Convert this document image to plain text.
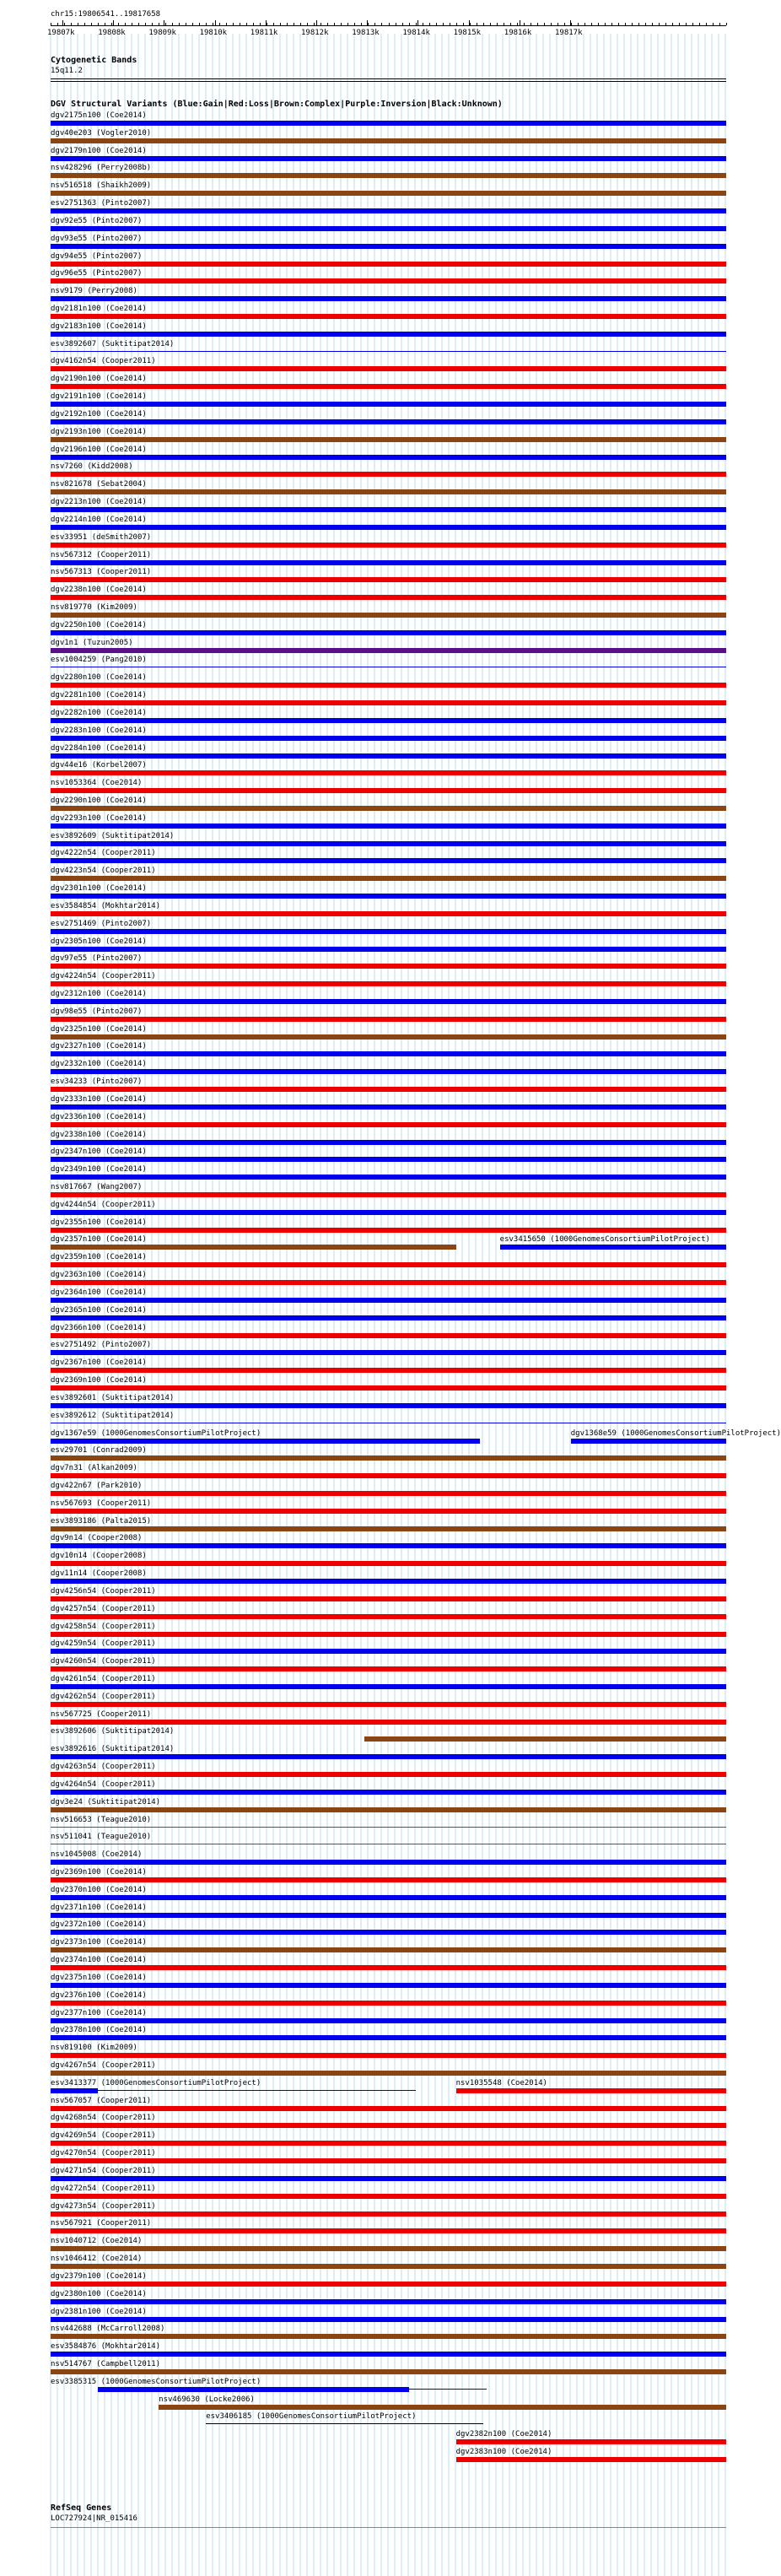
chr15:19806541..19817658
19807k	19808k	19809k	19810k	19811k	19812k	19813k	19814k	19815k	19816k	19817k
Cytogenetic Bands
15q11.2
DGV Structural Variants (Blue:Gain|Red:Loss|Brown:Complex|Purple:Inversion|Black:Unknown)
dgv2175n100 (Coe2014)
dgv40e203 (Vogler2010)
dgv2179n100 (Coe2014)
nsv428296 (Perry2008b)
nsv516518 (Shaikh2009)
esv2751363 (Pinto2007)
dgv92e55 (Pinto2007)
dgv93e55 (Pinto2007)
dgv94e55 (Pinto2007)
dgv96e55 (Pinto2007)
nsv9179 (Perry2008)
dgv2181n100 (Coe2014)
dgv2183n100 (Coe2014)
esv3892607 (Suktitipat2014)
dgv4162n54 (Cooper2011)
dgv2190n100 (Coe2014)
dgv2191n100 (Coe2014)
dgv2192n100 (Coe2014)
dgv2193n100 (Coe2014)
dgv2196n100 (Coe2014)
nsv7260 (Kidd2008)
nsv821678 (Sebat2004)
dgv2213n100 (Coe2014)
dgv2214n100 (Coe2014)
esv33951 (deSmith2007)
nsv567312 (Cooper2011)
nsv567313 (Cooper2011)
dgv2238n100 (Coe2014)
nsv819770 (Kim2009)
dgv2250n100 (Coe2014)
dgv1n1 (Tuzun2005)
esv1004259 (Pang2010)
dgv2280n100 (Coe2014)
dgv2281n100 (Coe2014)
dgv2282n100 (Coe2014)
dgv2283n100 (Coe2014)
dgv2284n100 (Coe2014)
dgv44e16 (Korbel2007)
nsv1053364 (Coe2014)
dgv2290n100 (Coe2014)
dgv2293n100 (Coe2014)
esv3892609 (Suktitipat2014)
dgv4222n54 (Cooper2011)
dgv4223n54 (Cooper2011)
dgv2301n100 (Coe2014)
esv3584854 (Mokhtar2014)
esv2751469 (Pinto2007)
dgv2305n100 (Coe2014)
dgv97e55 (Pinto2007)
dgv4224n54 (Cooper2011)
dgv2312n100 (Coe2014)
dgv98e55 (Pinto2007)
dgv2325n100 (Coe2014)
dgv2327n100 (Coe2014)
dgv2332n100 (Coe2014)
esv34233 (Pinto2007)
dgv2333n100 (Coe2014)
dgv2336n100 (Coe2014)
dgv2338n100 (Coe2014)
dgv2347n100 (Coe2014)
dgv2349n100 (Coe2014)
nsv817667 (Wang2007)
dgv4244n54 (Cooper2011)
dgv2355n100 (Coe2014)
dgv2357n100 (Coe2014)	esv3415650 (1000GenomesConsortiumPilotProject)
dgv2359n100 (Coe2014)
dgv2363n100 (Coe2014)
dgv2364n100 (Coe2014)
dgv2365n100 (Coe2014)
dgv2366n100 (Coe2014)
esv2751492 (Pinto2007)
dgv2367n100 (Coe2014)
dgv2369n100 (Coe2014)
esv3892601 (Suktitipat2014)
esv3892612 (Suktitipat2014)
dgv1367e59 (1000GenomesConsortiumPilotProject)	dgv1368e59 (1000GenomesConsortiumPilotProject)
esv29701 (Conrad2009)
dgv7n31 (Alkan2009)
dgv422n67 (Park2010)
nsv567693 (Cooper2011)
esv3893186 (Paltа2015)
dgv9n14 (Cooper2008)
dgv10n14 (Cooper2008)
dgv11n14 (Cooper2008)
dgv4256n54 (Cooper2011)
dgv4257n54 (Cooper2011)
dgv4258n54 (Cooper2011)
dgv4259n54 (Cooper2011)
dgv4260n54 (Cooper2011)
dgv4261n54 (Cooper2011)
dgv4262n54 (Cooper2011)
nsv567725 (Cooper2011)
esv3892606 (Suktitipat2014)
esv3892616 (Suktitipat2014)
dgv4263n54 (Cooper2011)
dgv4264n54 (Cooper2011)
dgv3e24 (Suktitipat2014)
nsv516653 (Teague2010)
nsv511041 (Teague2010)
nsv1045008 (Coe2014)
dgv2369n100 (Coe2014)
dgv2370n100 (Coe2014)
dgv2371n100 (Coe2014)
dgv2372n100 (Coe2014)
dgv2373n100 (Coe2014)
dgv2374n100 (Coe2014)
dgv2375n100 (Coe2014)
dgv2376n100 (Coe2014)
dgv2377n100 (Coe2014)
dgv2378n100 (Coe2014)
nsv819100 (Kim2009)
dgv4267n54 (Cooper2011)
esv3413377 (1000GenomesConsortiumPilotProject)	nsv1035548 (Coe2014)
nsv567057 (Cooper2011)
dgv4268n54 (Cooper2011)
dgv4269n54 (Cooper2011)
dgv4270n54 (Cooper2011)
dgv4271n54 (Cooper2011)
dgv4272n54 (Cooper2011)
dgv4273n54 (Cooper2011)
nsv567921 (Cooper2011)
nsv1040712 (Coe2014)
nsv1046412 (Coe2014)
dgv2379n100 (Coe2014)
dgv2380n100 (Coe2014)
dgv2381n100 (Coe2014)
nsv442688 (McCarroll2008)
esv3584876 (Mokhtar2014)
nsv514767 (Campbell2011)
esv3385315 (1000GenomesConsortiumPilotProject)
nsv469630 (Locke2006)
esv3406185 (1000GenomesConsortiumPilotProject)
dgv2382n100 (Coe2014)
dgv2383n100 (Coe2014)
RefSeq Genes
LOC727924|NR_015416
